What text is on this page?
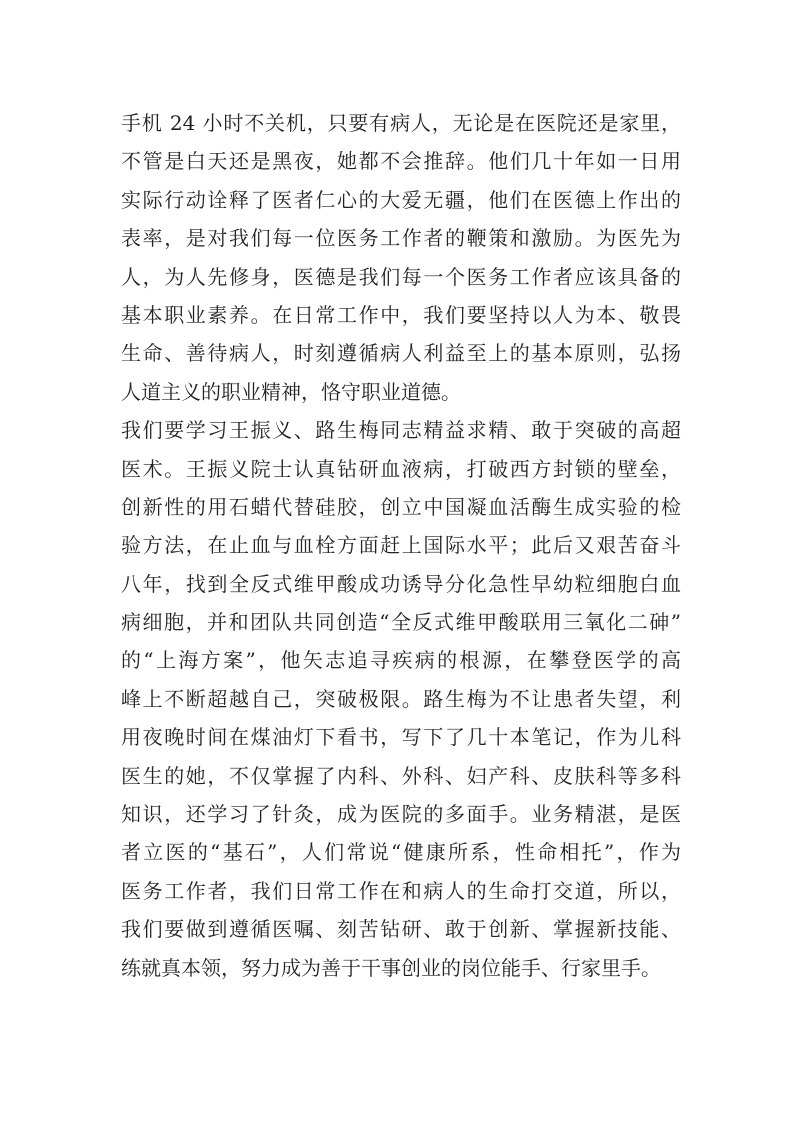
手机 24 小时不关机，只要有病人，无论是在医院还是家里，
不管是白天还是黑夜，她都不会推辞。他们几十年如一日用
实际行动诠释了医者仁心的大爱无疆，他们在医德上作出的
表率，是对我们每一位医务工作者的鞭策和激励。为医先为
人，为人先修身，医德是我们每一个医务工作者应该具备的
基本职业素养。在日常工作中，我们要坚持以人为本、敬畏
生命、善待病人，时刻遵循病人利益至上的基本原则，弘扬
人道主义的职业精神，恪守职业道德。
我们要学习王振义、路生梅同志精益求精、敢于突破的高超
医术。王振义院士认真钻研血液病，打破西方封锁的壁垒，
创新性的用石蜡代替硅胶，创立中国凝血活酶生成实验的检
验方法，在止血与血栓方面赶上国际水平；此后又艰苦奋斗
八年，找到全反式维甲酸成功诱导分化急性早幼粒细胞白血
病细胞，并和团队共同创造“全反式维甲酸联用三氧化二砷”
的“上海方案”，他矢志追寻疾病的根源，在攀登医学的高
峰上不断超越自己，突破极限。路生梅为不让患者失望，利
用夜晚时间在煤油灯下看书，写下了几十本笔记，作为儿科
医生的她，不仅掌握了内科、外科、妇产科、皮肤科等多科
知识，还学习了针灸，成为医院的多面手。业务精湛，是医
者立医的“基石”，人们常说“健康所系，性命相托”，作为
医务工作者，我们日常工作在和病人的生命打交道，所以，
我们要做到遵循医嘱、刻苦钻研、敢于创新、掌握新技能、
练就真本领，努力成为善于干事创业的岗位能手、行家里手。
